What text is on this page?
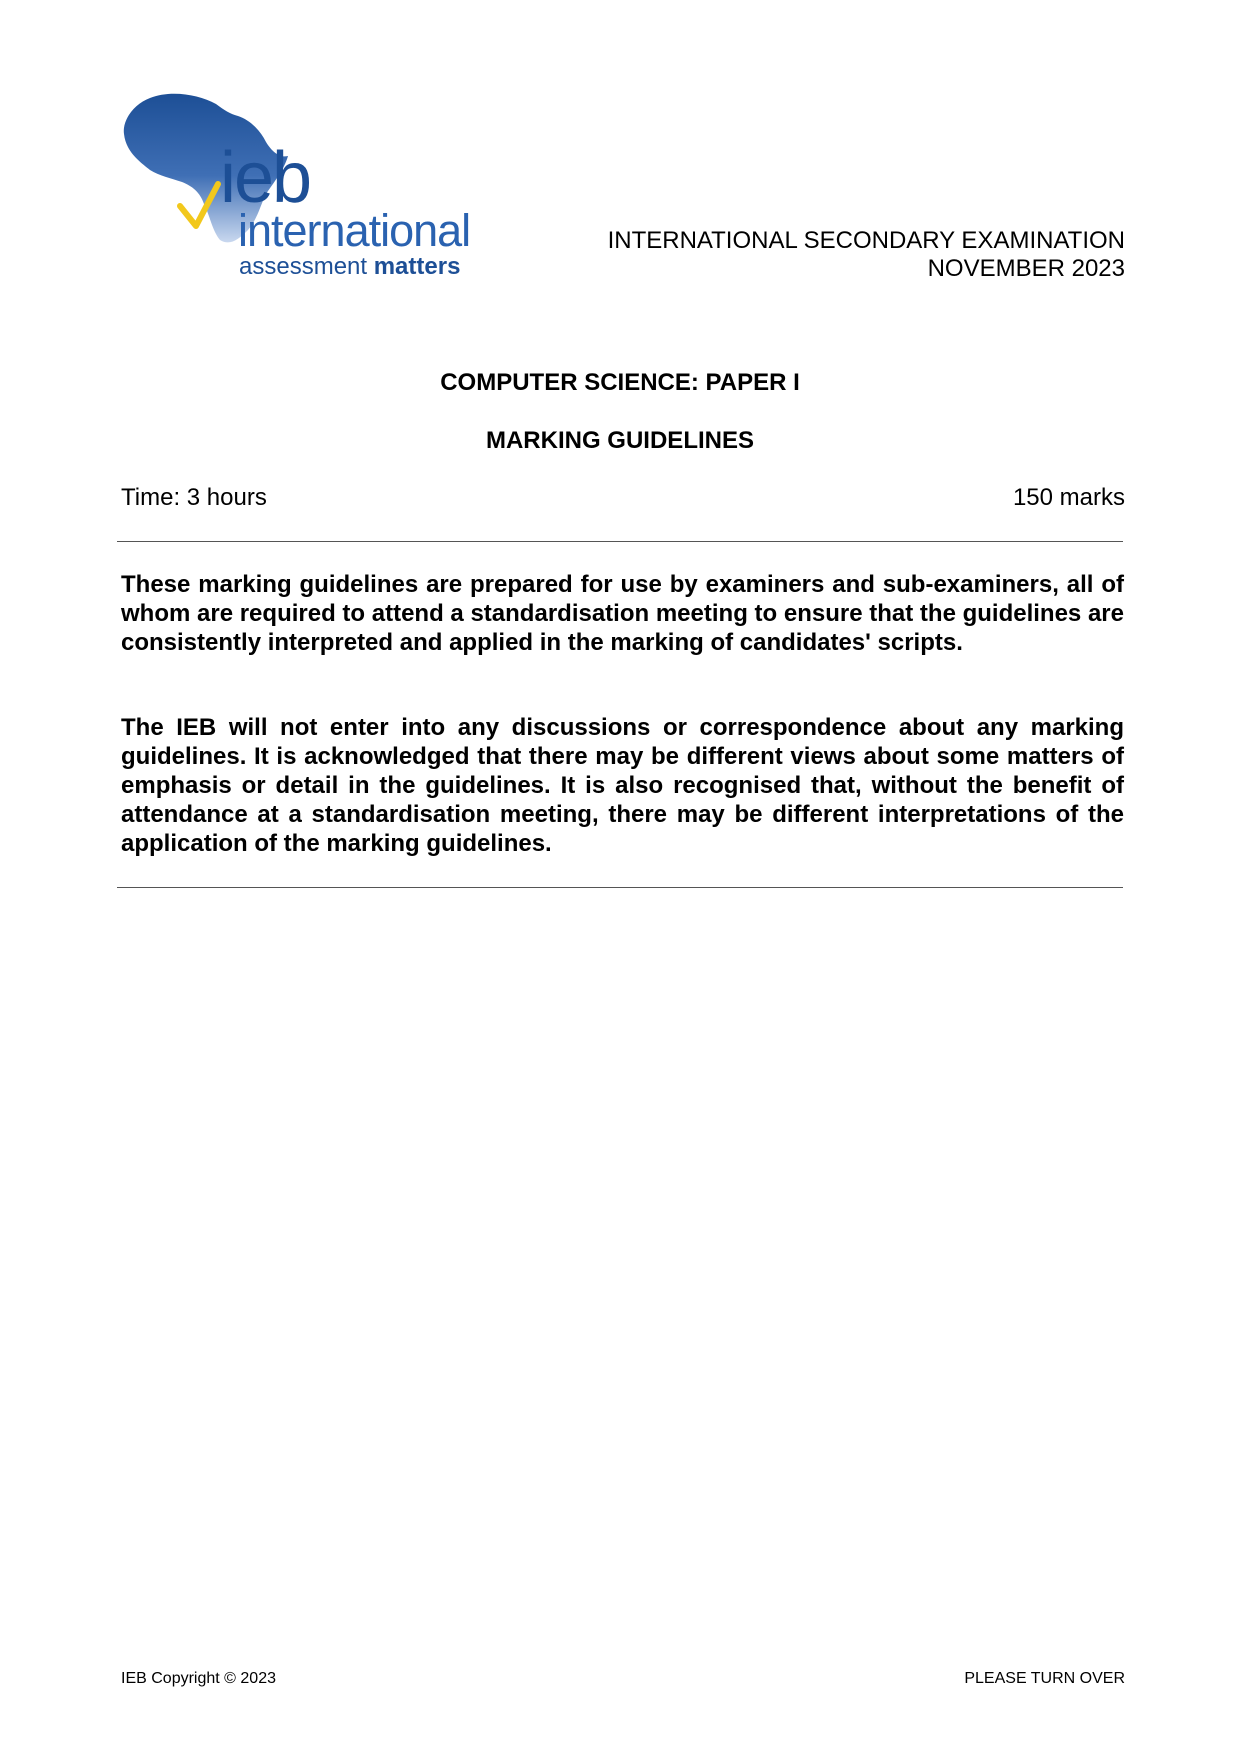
ieb
international
assessment matters
INTERNATIONAL SECONDARY EXAMINATION
NOVEMBER 2023
COMPUTER SCIENCE: PAPER I
MARKING GUIDELINES
Time: 3 hours	150 marks

These marking guidelines are prepared for use by examiners and sub-examiners, all of whom are required to attend a standardisation meeting to ensure that the guidelines are consistently interpreted and applied in the marking of candidates' scripts.

The IEB will not enter into any discussions or correspondence about any marking guidelines. It is acknowledged that there may be different views about some matters of emphasis or detail in the guidelines. It is also recognised that, without the benefit of attendance at a standardisation meeting, there may be different interpretations of the application of the marking guidelines.

IEB Copyright © 2023	PLEASE TURN OVER
